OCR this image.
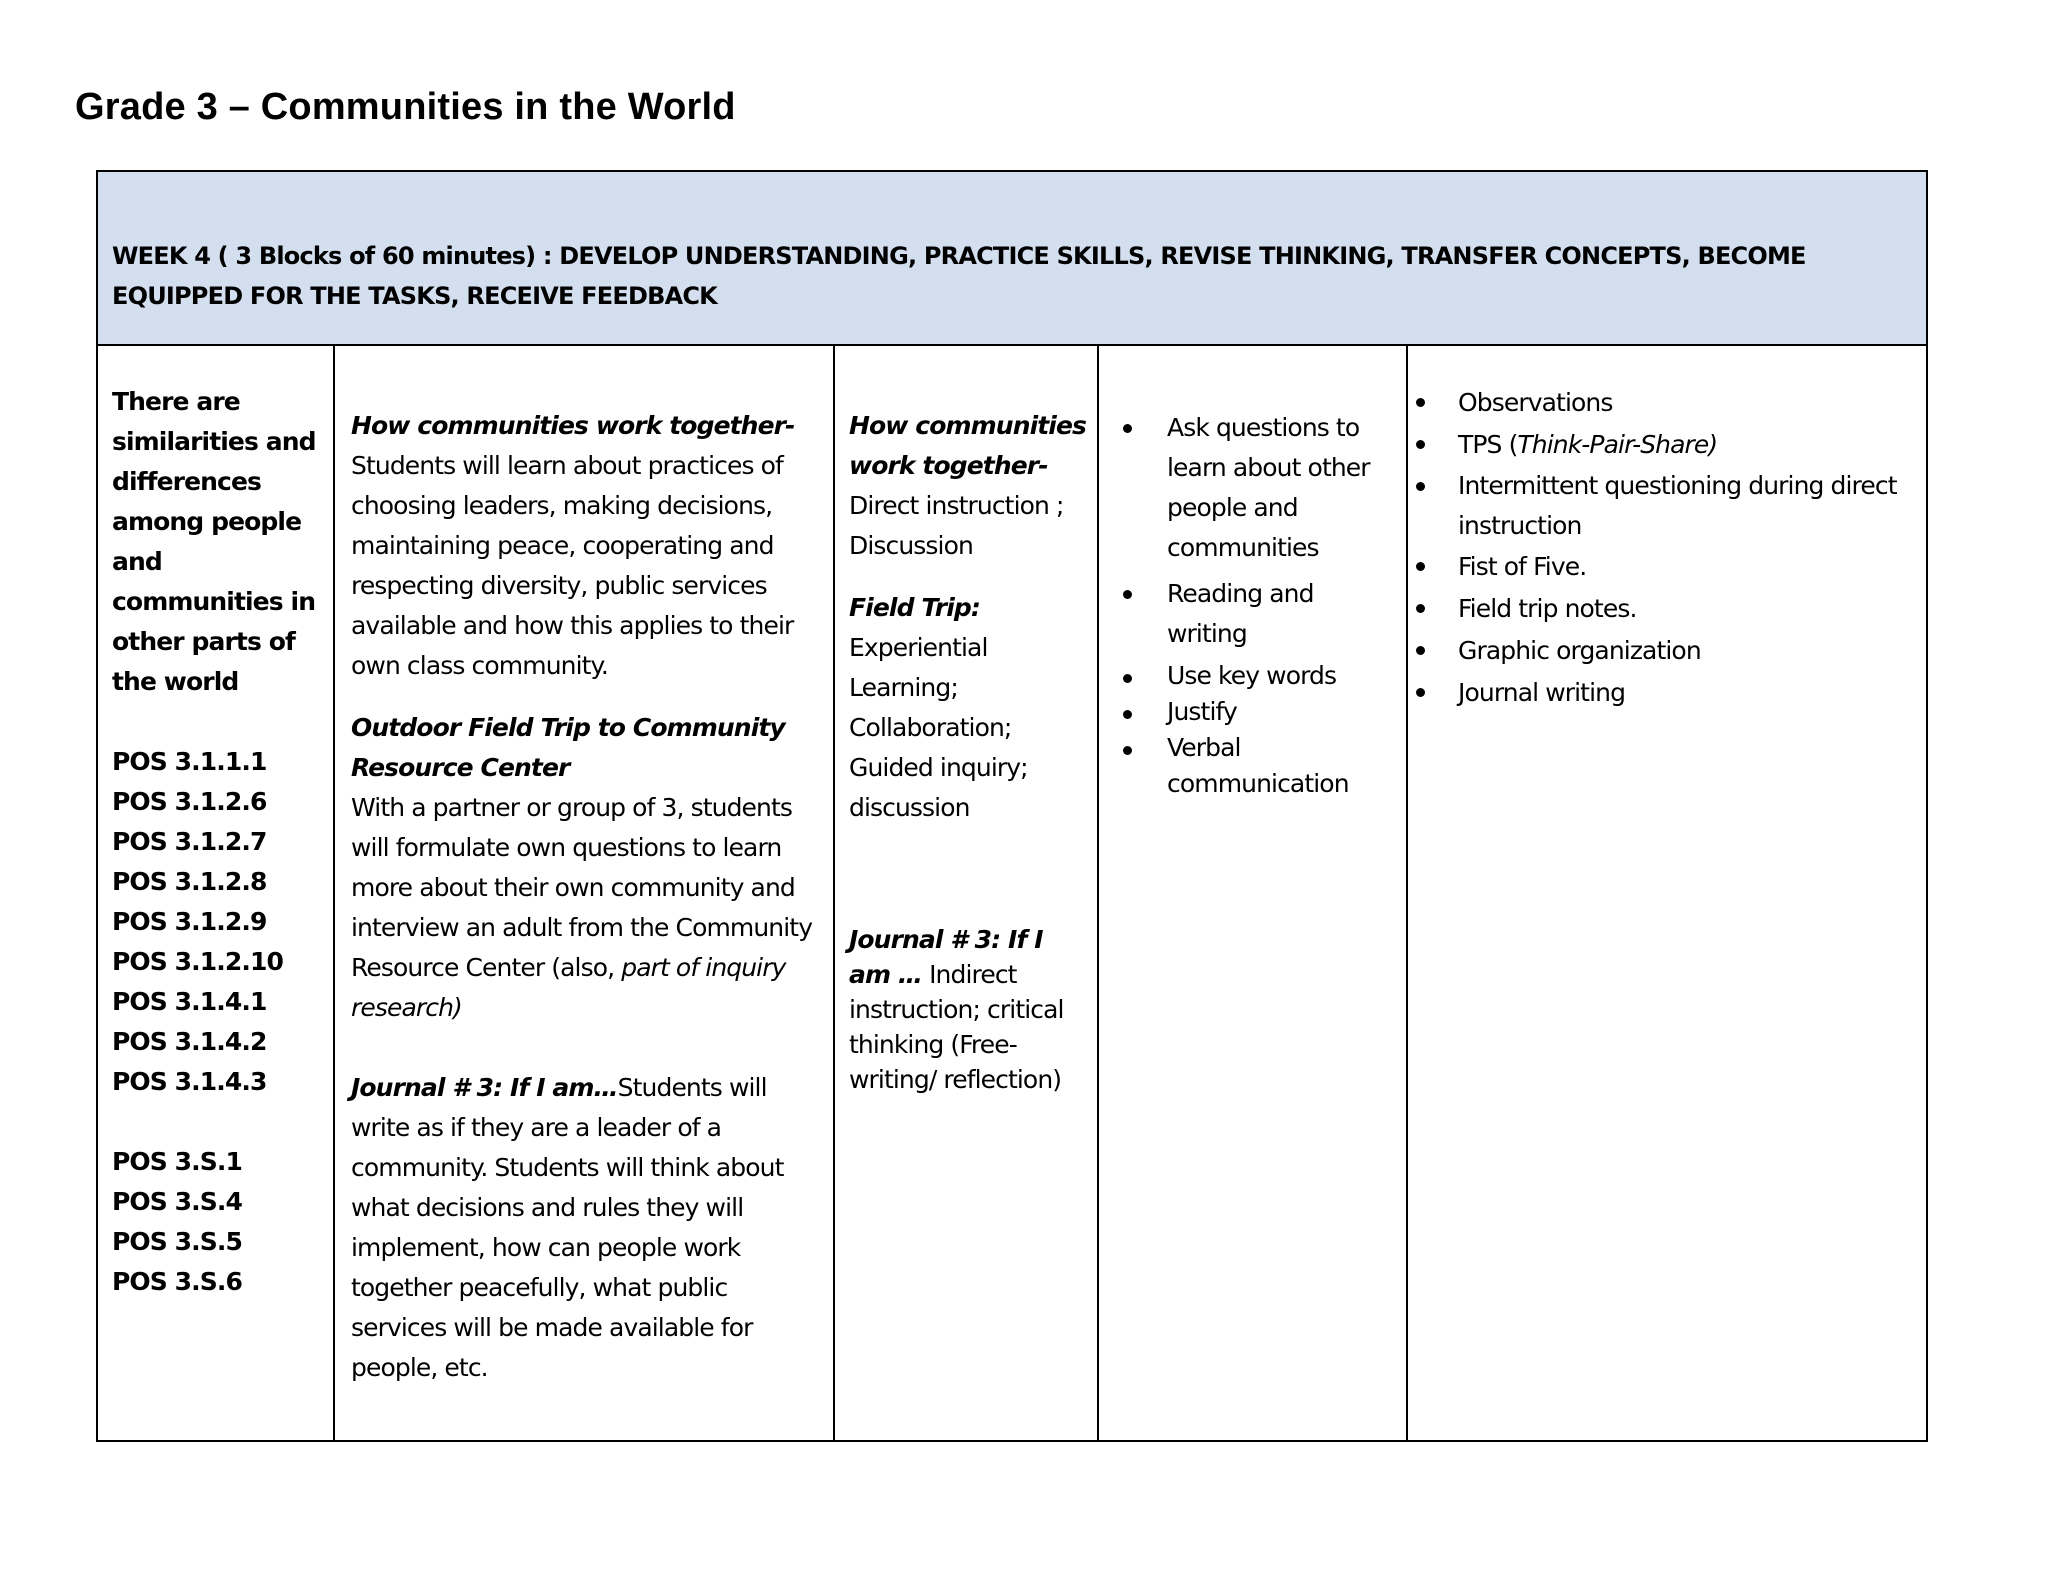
Grade 3 – Communities in the World
WEEK 4 ( 3 Blocks of 60 minutes) : DEVELOP UNDERSTANDING, PRACTICE SKILLS, REVISE THINKING, TRANSFER CONCEPTS, BECOME EQUIPPED FOR THE TASKS, RECEIVE FEEDBACK
There are similarities and differences among people and communities in other parts of the world
POS 3.1.1.1
POS 3.1.2.6
POS 3.1.2.7
POS 3.1.2.8
POS 3.1.2.9
POS 3.1.2.10
POS 3.1.4.1
POS 3.1.4.2
POS 3.1.4.3
POS 3.S.1
POS 3.S.4
POS 3.S.5
POS 3.S.6
How communities work together-
Students will learn about practices of choosing leaders, making decisions, maintaining peace, cooperating and respecting diversity, public services available and how this applies to their own class community.
Outdoor Field Trip to Community Resource Center
With a partner or group of 3, students will formulate own questions to learn more about their own community and interview an adult from the Community Resource Center (also, part of inquiry research)
Journal # 3: If I am…Students will write as if they are a leader of a community. Students will think about what decisions and rules they will implement, how can people work together peacefully, what public services will be made available for people, etc.
How communities work together-
Direct instruction ; Discussion
Field Trip:
Experiential Learning; Collaboration; Guided inquiry; discussion
Journal # 3: If I am … Indirect instruction; critical thinking (Free-writing/ reflection)
Ask questions to learn about other people and communities
Reading and writing
Use key words
Justify
Verbal communication
Observations
TPS (Think-Pair-Share)
Intermittent questioning during direct instruction
Fist of Five.
Field trip notes.
Graphic organization
Journal writing
